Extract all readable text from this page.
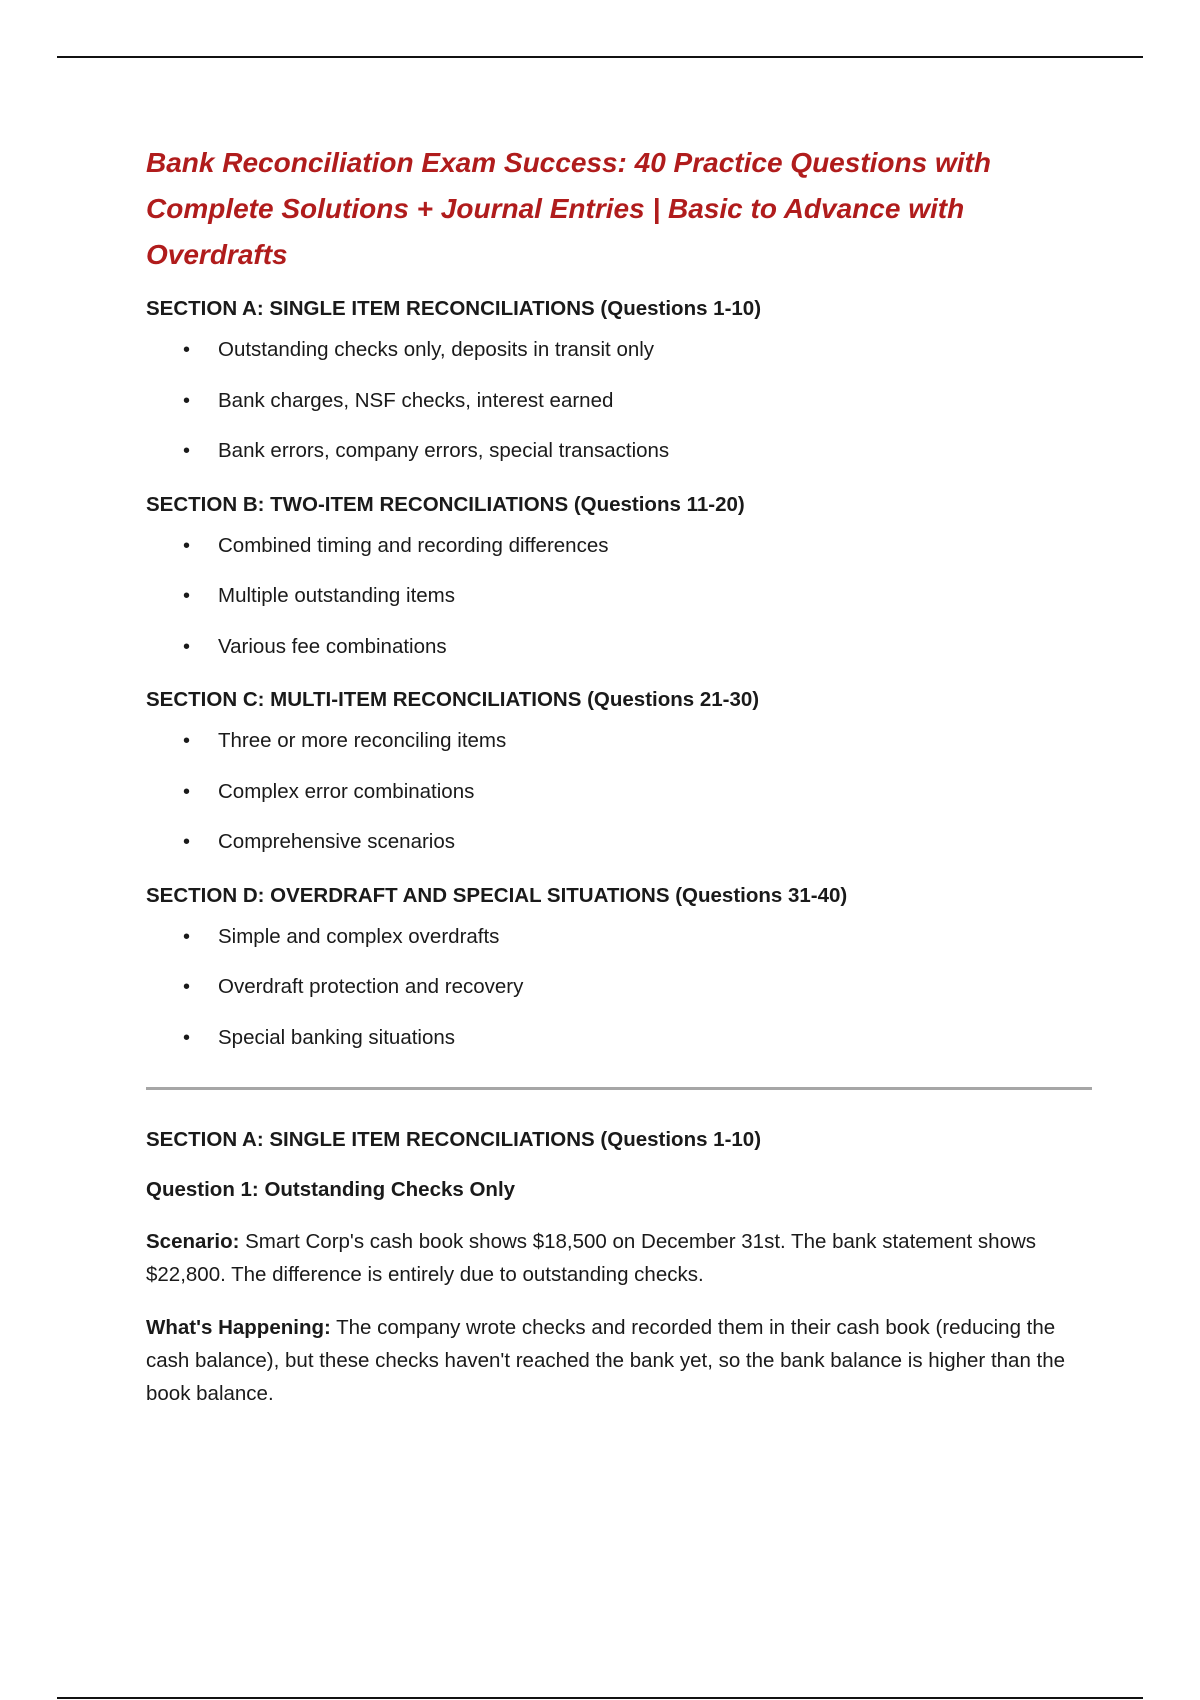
Bank Reconciliation Exam Success: 40 Practice Questions with Complete Solutions + Journal Entries | Basic to Advance with Overdrafts
SECTION A: SINGLE ITEM RECONCILIATIONS (Questions 1-10)
• Outstanding checks only, deposits in transit only
• Bank charges, NSF checks, interest earned
• Bank errors, company errors, special transactions
SECTION B: TWO-ITEM RECONCILIATIONS (Questions 11-20)
• Combined timing and recording differences
• Multiple outstanding items
• Various fee combinations
SECTION C: MULTI-ITEM RECONCILIATIONS (Questions 21-30)
• Three or more reconciling items
• Complex error combinations
• Comprehensive scenarios
SECTION D: OVERDRAFT AND SPECIAL SITUATIONS (Questions 31-40)
• Simple and complex overdrafts
• Overdraft protection and recovery
• Special banking situations
SECTION A: SINGLE ITEM RECONCILIATIONS (Questions 1-10)
Question 1: Outstanding Checks Only

Scenario: Smart Corp's cash book shows $18,500 on December 31st. The bank statement shows $22,800. The difference is entirely due to outstanding checks.

What's Happening: The company wrote checks and recorded them in their cash book (reducing the cash balance), but these checks haven't reached the bank yet, so the bank balance is higher than the book balance.
